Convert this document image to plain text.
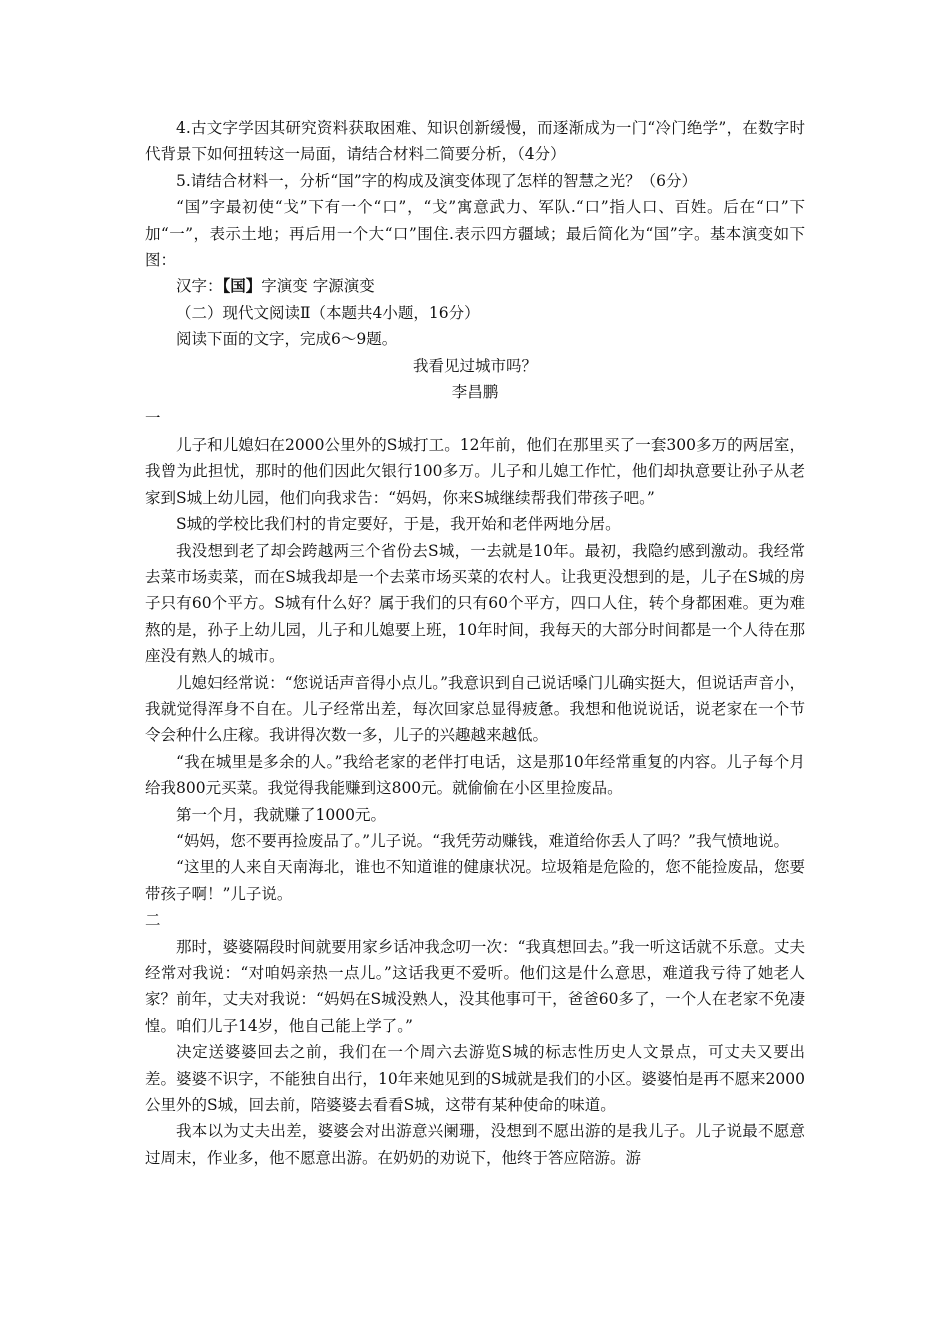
4.古文字学因其研究资料获取困难、知识创新缓慢，而逐渐成为一门“冷门绝学”，在数字时代背景下如何扭转这一局面，请结合材料二简要分析，（4分）

5.请结合材料一，分析“国”字的构成及演变体现了怎样的智慧之光？（6分）

“国”字最初使“戈”下有一个“口”，“戈”寓意武力、军队.“口”指人口、百姓。后在“口”下加“一”，表示土地；再后用一个大“口”围住.表示四方疆域；最后简化为“国”字。基本演变如下图：

汉字：【国】字演变 字源演变

（二）现代文阅读Ⅱ（本题共4小题，16分）

阅读下面的文字，完成6～9题。

我看见过城市吗？

李昌鹏

一

儿子和儿媳妇在2000公里外的S城打工。12年前，他们在那里买了一套300多万的两居室，我曾为此担忧，那时的他们因此欠银行100多万。儿子和儿媳工作忙，他们却执意要让孙子从老家到S城上幼儿园，他们向我求告：“妈妈，你来S城继续帮我们带孩子吧。”

S城的学校比我们村的肯定要好，于是，我开始和老伴两地分居。

我没想到老了却会跨越两三个省份去S城，一去就是10年。最初，我隐约感到激动。我经常去菜市场卖菜，而在S城我却是一个去菜市场买菜的农村人。让我更没想到的是，儿子在S城的房子只有60个平方。S城有什么好？属于我们的只有60个平方，四口人住，转个身都困难。更为难熬的是，孙子上幼儿园，儿子和儿媳要上班，10年时间，我每天的大部分时间都是一个人待在那座没有熟人的城市。

儿媳妇经常说：“您说话声音得小点儿。”我意识到自己说话嗓门儿确实挺大，但说话声音小，我就觉得浑身不自在。儿子经常出差，每次回家总显得疲惫。我想和他说说话，说老家在一个节令会种什么庄稼。我讲得次数一多，儿子的兴趣越来越低。

“我在城里是多余的人。”我给老家的老伴打电话，这是那10年经常重复的内容。儿子每个月给我800元买菜。我觉得我能赚到这800元。就偷偷在小区里捡废品。

第一个月，我就赚了1000元。

“妈妈，您不要再捡废品了。”儿子说。“我凭劳动赚钱，难道给你丢人了吗？”我气愤地说。

“这里的人来自天南海北，谁也不知道谁的健康状况。垃圾箱是危险的，您不能捡废品，您要带孩子啊！”儿子说。

二

那时，婆婆隔段时间就要用家乡话冲我念叨一次：“我真想回去。”我一听这话就不乐意。丈夫经常对我说：“对咱妈亲热一点儿。”这话我更不爱听。他们这是什么意思，难道我亏待了她老人家？前年，丈夫对我说：“妈妈在S城没熟人，没其他事可干，爸爸60多了，一个人在老家不免凄惶。咱们儿子14岁，他自己能上学了。”

决定送婆婆回去之前，我们在一个周六去游览S城的标志性历史人文景点，可丈夫又要出差。婆婆不识字，不能独自出行，10年来她见到的S城就是我们的小区。婆婆怕是再不愿来2000公里外的S城，回去前，陪婆婆去看看S城，这带有某种使命的味道。

我本以为丈夫出差，婆婆会对出游意兴阑珊，没想到不愿出游的是我儿子。儿子说最不愿意过周末，作业多，他不愿意出游。在奶奶的劝说下，他终于答应陪游。游
